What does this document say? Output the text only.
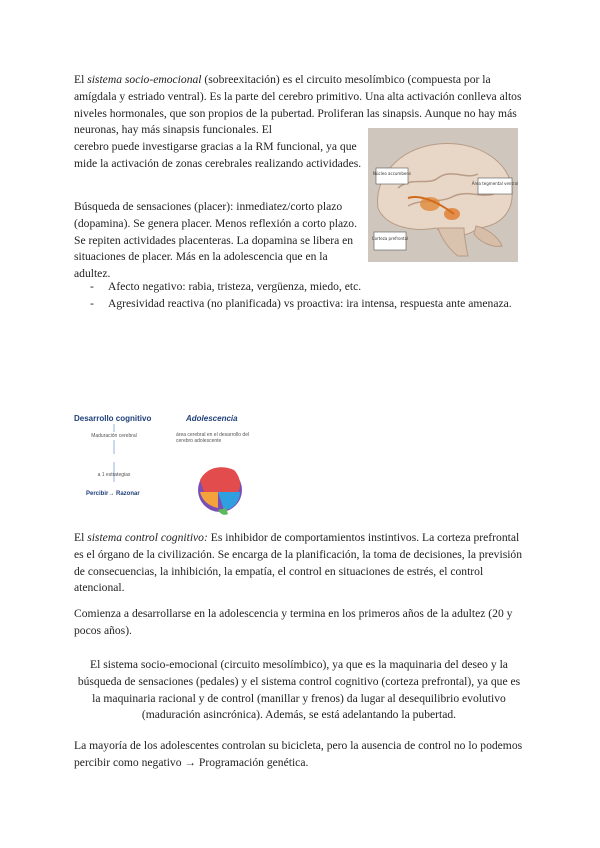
El sistema socio-emocional (sobreexitación) es el circuito mesolímbico (compuesta por la amígdala y estriado ventral). Es la parte del cerebro primitivo. Una alta activación conlleva altos niveles hormonales, que son propios de la pubertad. Proliferan las sinapsis. Aunque no hay más neuronas, hay más sinapsis funcionales. El

cerebro puede investigarse gracias a la RM funcional, ya que mide la activación de zonas cerebrales realizando actividades.

Núcleo accumbens
Área tegmental ventral
Corteza prefrontal

Búsqueda de sensaciones (placer): inmediatez/corto plazo (dopamina). Se genera placer. Menos reflexión a corto plazo. Se repiten actividades placenteras. La dopamina se libera en situaciones de placer. Más en la adolescencia que en la adultez.

- Afecto negativo: rabia, tristeza, vergüenza, miedo, etc.
- Agresividad reactiva (no planificada) vs proactiva: ira intensa, respuesta ante amenaza.
Desarrollo cognitivo	Adolescencia
Maduración cerebral
a 1 estrategias
Percibir→ Razonar
área cerebral en el desarrollo del cerebro adolescente

El sistema control cognitivo: Es inhibidor de comportamientos instintivos. La corteza prefrontal es el órgano de la civilización. Se encarga de la planificación, la toma de decisiones, la previsión de consecuencias, la inhibición, la empatía, el control en situaciones de estrés, el control atencional.

Comienza a desarrollarse en la adolescencia y termina en los primeros años de la adultez (20 y pocos años).

El sistema socio-emocional (circuito mesolímbico), ya que es la maquinaria del deseo y la búsqueda de sensaciones (pedales) y el sistema control cognitivo (corteza prefrontal), ya que es la maquinaria racional y de control (manillar y frenos) da lugar al desequilibrio evolutivo (maduración asincrónica). Además, se está adelantando la pubertad.

La mayoría de los adolescentes controlan su bicicleta, pero la ausencia de control no lo podemos percibir como negativo → Programación genética.
